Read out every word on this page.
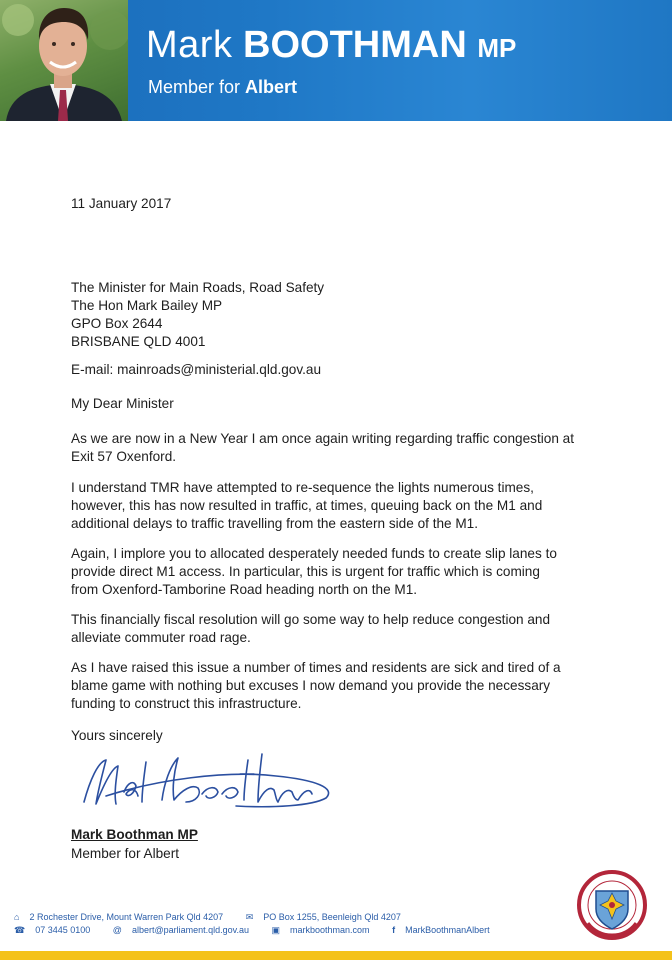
Mark BOOTHMAN MP
Member for Albert
11 January 2017
The Minister for Main Roads, Road Safety
The Hon Mark Bailey MP
GPO Box 2644
BRISBANE QLD 4001
E-mail: mainroads@ministerial.qld.gov.au
My Dear Minister
As we are now in a New Year I am once again writing regarding traffic congestion at
Exit 57 Oxenford.
I understand TMR have attempted to re-sequence the lights numerous times,
however, this has now resulted in traffic, at times, queuing back on the M1 and
additional delays to traffic travelling from the eastern side of the M1.
Again, I implore you to allocated desperately needed funds to create slip lanes to
provide direct M1 access. In particular, this is urgent for traffic which is coming
from Oxenford-Tamborine Road heading north on the M1.
This financially fiscal resolution will go some way to help reduce congestion and
alleviate commuter road rage.
As I have raised this issue a number of times and residents are sick and tired of a
blame game with nothing but excuses I now demand you provide the necessary
funding to construct this infrastructure.
Yours sincerely
Mark Boothman MP
Member for Albert
⌂ 2 Rochester Drive, Mount Warren Park Qld 4207	✉ PO Box 1255, Beenleigh Qld 4207
☎ 07 3445 0100	@ albert@parliament.qld.gov.au	▣ markboothman.com	f MarkBoothmanAlbert
